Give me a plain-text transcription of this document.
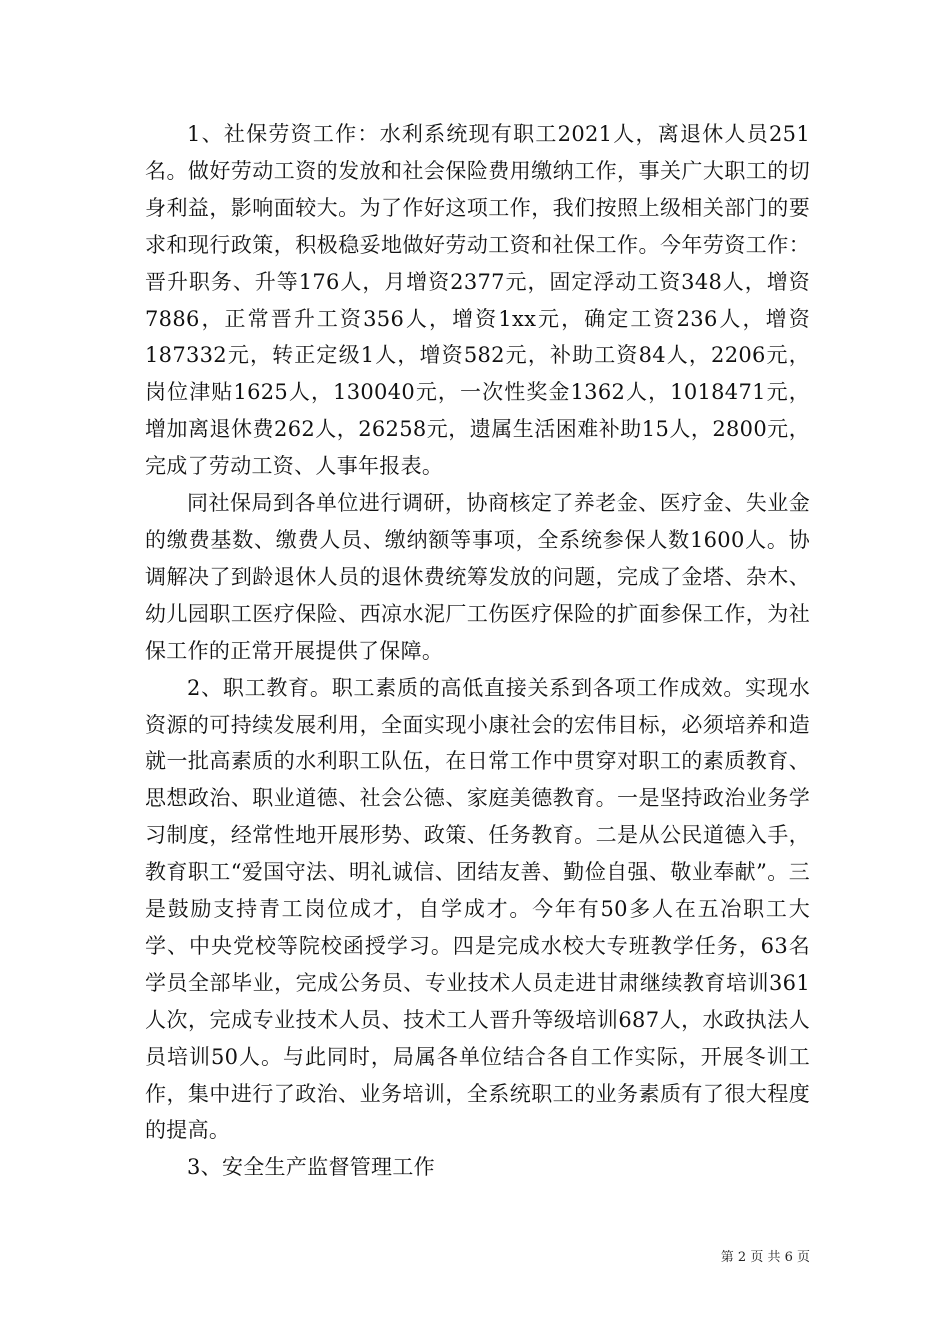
1、社保劳资工作：水利系统现有职工2021人，离退休人员251名。做好劳动工资的发放和社会保险费用缴纳工作，事关广大职工的切身利益，影响面较大。为了作好这项工作，我们按照上级相关部门的要求和现行政策，积极稳妥地做好劳动工资和社保工作。今年劳资工作：晋升职务、升等176人，月增资2377元，固定浮动工资348人，增资7886，正常晋升工资356人，增资1xx元，确定工资236人，增资187332元，转正定级1人，增资582元，补助工资84人，2206元，岗位津贴1625人，130040元，一次性奖金1362人，1018471元，增加离退休费262人，26258元，遗属生活困难补助15人，2800元，完成了劳动工资、人事年报表。

同社保局到各单位进行调研，协商核定了养老金、医疗金、失业金的缴费基数、缴费人员、缴纳额等事项，全系统参保人数1600人。协调解决了到龄退休人员的退休费统筹发放的问题，完成了金塔、杂木、幼儿园职工医疗保险、西凉水泥厂工伤医疗保险的扩面参保工作，为社保工作的正常开展提供了保障。

2、职工教育。职工素质的高低直接关系到各项工作成效。实现水资源的可持续发展利用，全面实现小康社会的宏伟目标，必须培养和造就一批高素质的水利职工队伍，在日常工作中贯穿对职工的素质教育、思想政治、职业道德、社会公德、家庭美德教育。一是坚持政治业务学习制度，经常性地开展形势、政策、任务教育。二是从公民道德入手，教育职工“爱国守法、明礼诚信、团结友善、勤俭自强、敬业奉献”。三是鼓励支持青工岗位成才，自学成才。今年有50多人在五冶职工大学、中央党校等院校函授学习。四是完成水校大专班教学任务，63名学员全部毕业，完成公务员、专业技术人员走进甘肃继续教育培训361人次，完成专业技术人员、技术工人晋升等级培训687人，水政执法人员培训50人。与此同时，局属各单位结合各自工作实际，开展冬训工作，集中进行了政治、业务培训，全系统职工的业务素质有了很大程度的提高。

3、安全生产监督管理工作

第 2 页 共 6 页
